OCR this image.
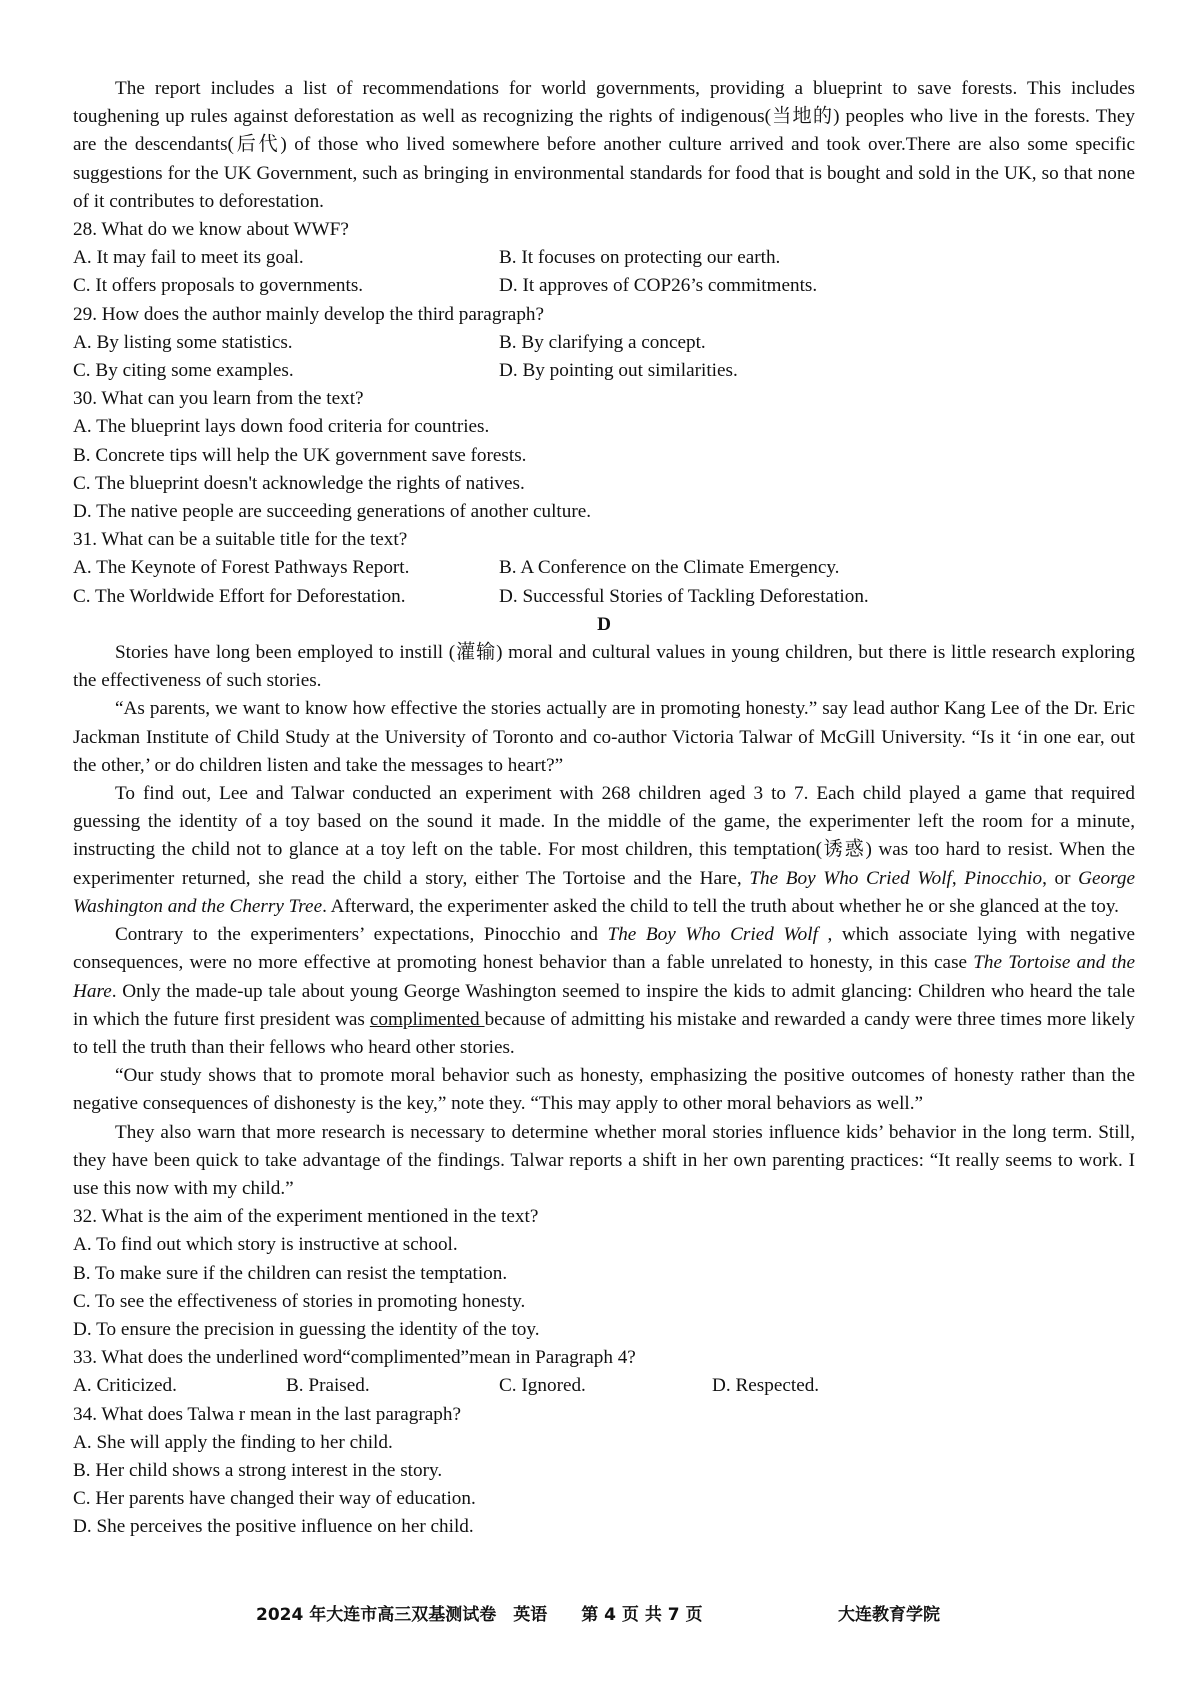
The report includes a list of recommendations for world governments, providing a blueprint to save forests. This includes toughening up rules against deforestation as well as recognizing the rights of indigenous(当地的) peoples who live in the forests. They are the descendants(后代) of those who lived somewhere before another culture arrived and took over.There are also some specific suggestions for the UK Government, such as bringing in environmental standards for food that is bought and sold in the UK, so that none of it contributes to deforestation.

28. What do we know about WWF?

A. It may fail to meet its goal.	B. It focuses on protecting our earth.
C. It offers proposals to governments.	D. It approves of COP26’s commitments.

29. How does the author mainly develop the third paragraph?

A. By listing some statistics.	B. By clarifying a concept.
C. By citing some examples.	D. By pointing out similarities.

30. What can you learn from the text?

A. The blueprint lays down food criteria for countries.

B. Concrete tips will help the UK government save forests.

C. The blueprint doesn't acknowledge the rights of natives.

D. The native people are succeeding generations of another culture.

31. What can be a suitable title for the text?

A. The Keynote of Forest Pathways Report.	B. A Conference on the Climate Emergency.
C. The Worldwide Effort for Deforestation.	D. Successful Stories of Tackling Deforestation.

D

Stories have long been employed to instill (灌输) moral and cultural values in young children, but there is little research exploring the effectiveness of such stories.

“As parents, we want to know how effective the stories actually are in promoting honesty.” say lead author Kang Lee of the Dr. Eric Jackman Institute of Child Study at the University of Toronto and co-author Victoria Talwar of McGill University. “Is it ‘in one ear, out the other,’ or do children listen and take the messages to heart?”

To find out, Lee and Talwar conducted an experiment with 268 children aged 3 to 7. Each child played a game that required guessing the identity of a toy based on the sound it made. In the middle of the game, the experimenter left the room for a minute, instructing the child not to glance at a toy left on the table. For most children, this temptation(诱惑) was too hard to resist. When the experimenter returned, she read the child a story, either The Tortoise and the Hare, The Boy Who Cried Wolf, Pinocchio, or George Washington and the Cherry Tree. Afterward, the experimenter asked the child to tell the truth about whether he or she glanced at the toy.

Contrary to the experimenters’ expectations, Pinocchio and The Boy Who Cried Wolf , which associate lying with negative consequences, were no more effective at promoting honest behavior than a fable unrelated to honesty, in this case The Tortoise and the Hare. Only the made-up tale about young George Washington seemed to inspire the kids to admit glancing: Children who heard the tale in which the future first president was complimented because of admitting his mistake and rewarded a candy were three times more likely to tell the truth than their fellows who heard other stories.

“Our study shows that to promote moral behavior such as honesty, emphasizing the positive outcomes of honesty rather than the negative consequences of dishonesty is the key,” note they. “This may apply to other moral behaviors as well.”

They also warn that more research is necessary to determine whether moral stories influence kids’ behavior in the long term. Still, they have been quick to take advantage of the findings. Talwar reports a shift in her own parenting practices: “It really seems to work. I use this now with my child.”

32. What is the aim of the experiment mentioned in the text?

A. To find out which story is instructive at school.

B. To make sure if the children can resist the temptation.

C. To see the effectiveness of stories in promoting honesty.

D. To ensure the precision in guessing the identity of the toy.

33. What does the underlined word“complimented”mean in Paragraph 4?

A. Criticized.	B. Praised.	C. Ignored.	D. Respected.

34. What does Talwa r mean in the last paragraph?

A. She will apply the finding to her child.

B. Her child shows a strong interest in the story.

C. Her parents have changed their way of education.

D. She perceives the positive influence on her child.

2024 年大连市高三双基测试卷　英语　　第 4 页 共 7 页	大连教育学院
